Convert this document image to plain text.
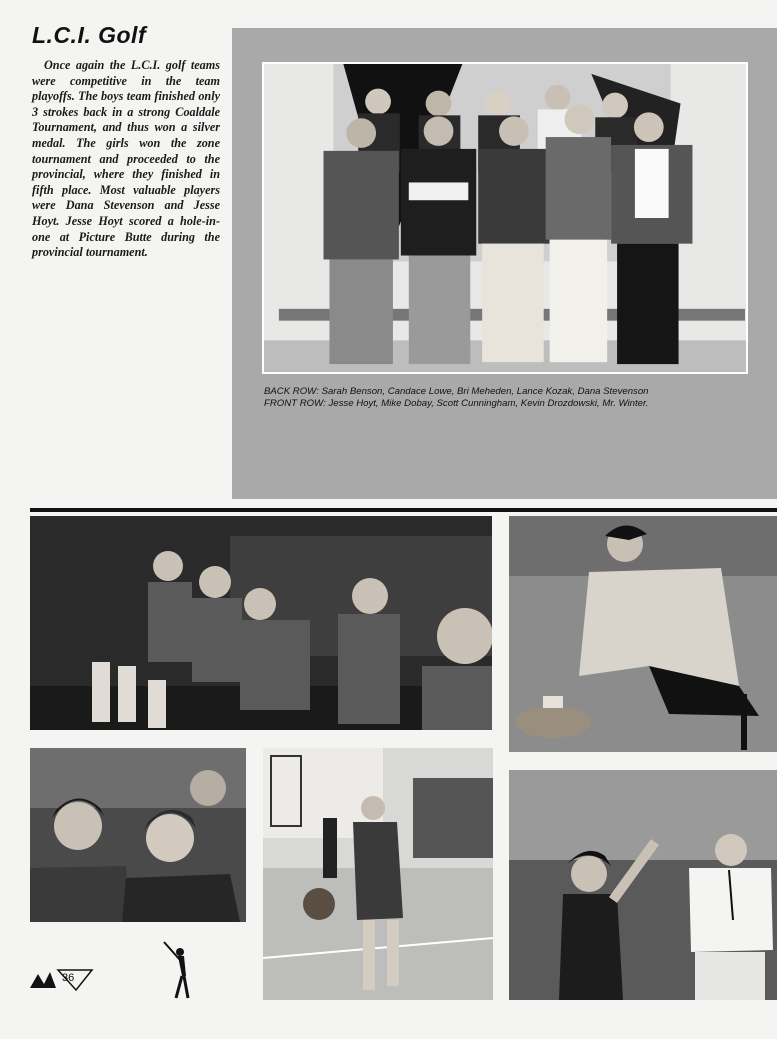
L.C.I. Golf
Once again the L.C.I. golf teams were competitive in the team playoffs. The boys team finished only 3 strokes back in a strong Coaldale Tournament, and thus won a silver medal. The girls won the zone tournament and proceeded to the provincial, where they finished in fifth place. Most valuable players were Dana Stevenson and Jesse Hoyt. Jesse Hoyt scored a hole-in-one at Picture Butte during the provincial tournament.
BACK ROW: Sarah Benson, Candace Lowe, Bri Meheden, Lance Kozak, Dana Stevenson
FRONT ROW: Jesse Hoyt, Mike Dobay, Scott Cunningham, Kevin Drozdowski, Mr. Winter.
36
